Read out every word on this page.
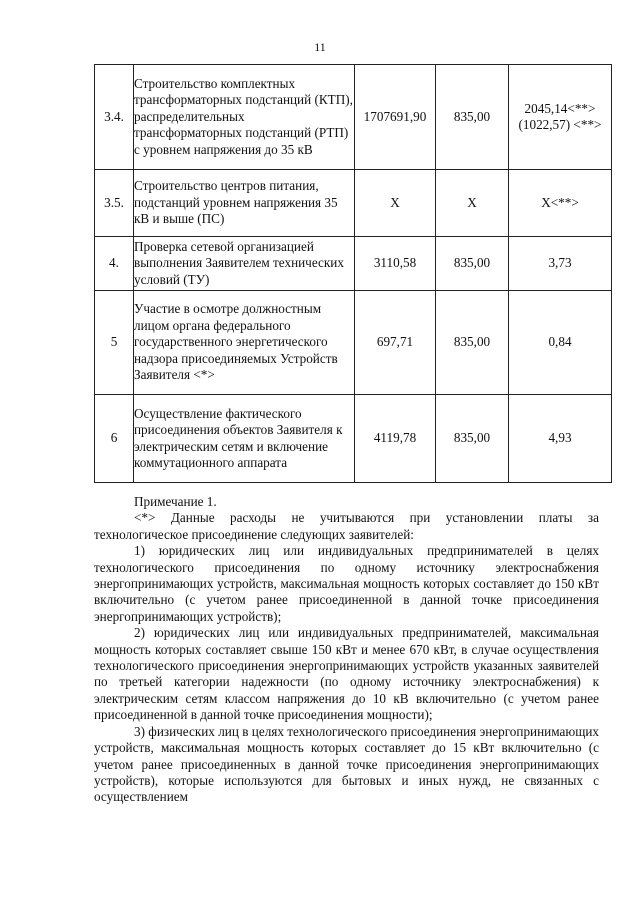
11
3.4.	Строительство комплектных трансформаторных подстанций (КТП), распределительных трансформаторных подстанций (РТП) с уровнем напряжения до 35 кВ	1707691,90	835,00	2045,14<**>
(1022,57) <**>

3.5.	Строительство центров питания, подстанций уровнем напряжения 35 кВ и выше (ПС)	X	X	X<**>
4.	Проверка сетевой организацией выполнения Заявителем технических условий (ТУ)	3110,58	835,00	3,73
5	Участие в осмотре должностным лицом органа федерального государственного энергетического надзора присоединяемых Устройств Заявителя <*>	697,71	835,00	0,84
6	Осуществление фактического присоединения объектов Заявителя к электрическим сетям и включение коммутационного аппарата	4119,78	835,00	4,93

Примечание 1.

<*> Данные расходы не учитываются при установлении платы за технологическое присоединение следующих заявителей:

1) юридических лиц или индивидуальных предпринимателей в целях технологического присоединения по одному источнику электроснабжения энергопринимающих устройств, максимальная мощность которых составляет до 150 кВт включительно (с учетом ранее присоединенной в данной точке присоединения энергопринимающих устройств);

2) юридических лиц или индивидуальных предпринимателей, максимальная мощность которых составляет свыше 150 кВт и менее 670 кВт, в случае осуществления технологического присоединения энергопринимающих устройств указанных заявителей по третьей категории надежности (по одному источнику электроснабжения) к электрическим сетям классом напряжения до 10 кВ включительно (с учетом ранее присоединенной в данной точке присоединения мощности);

3) физических лиц в целях технологического присоединения энергопринимающих устройств, максимальная мощность которых составляет до 15 кВт включительно (с учетом ранее присоединенных в данной точке присоединения энергопринимающих устройств), которые используются для бытовых и иных нужд, не связанных с осуществлением
